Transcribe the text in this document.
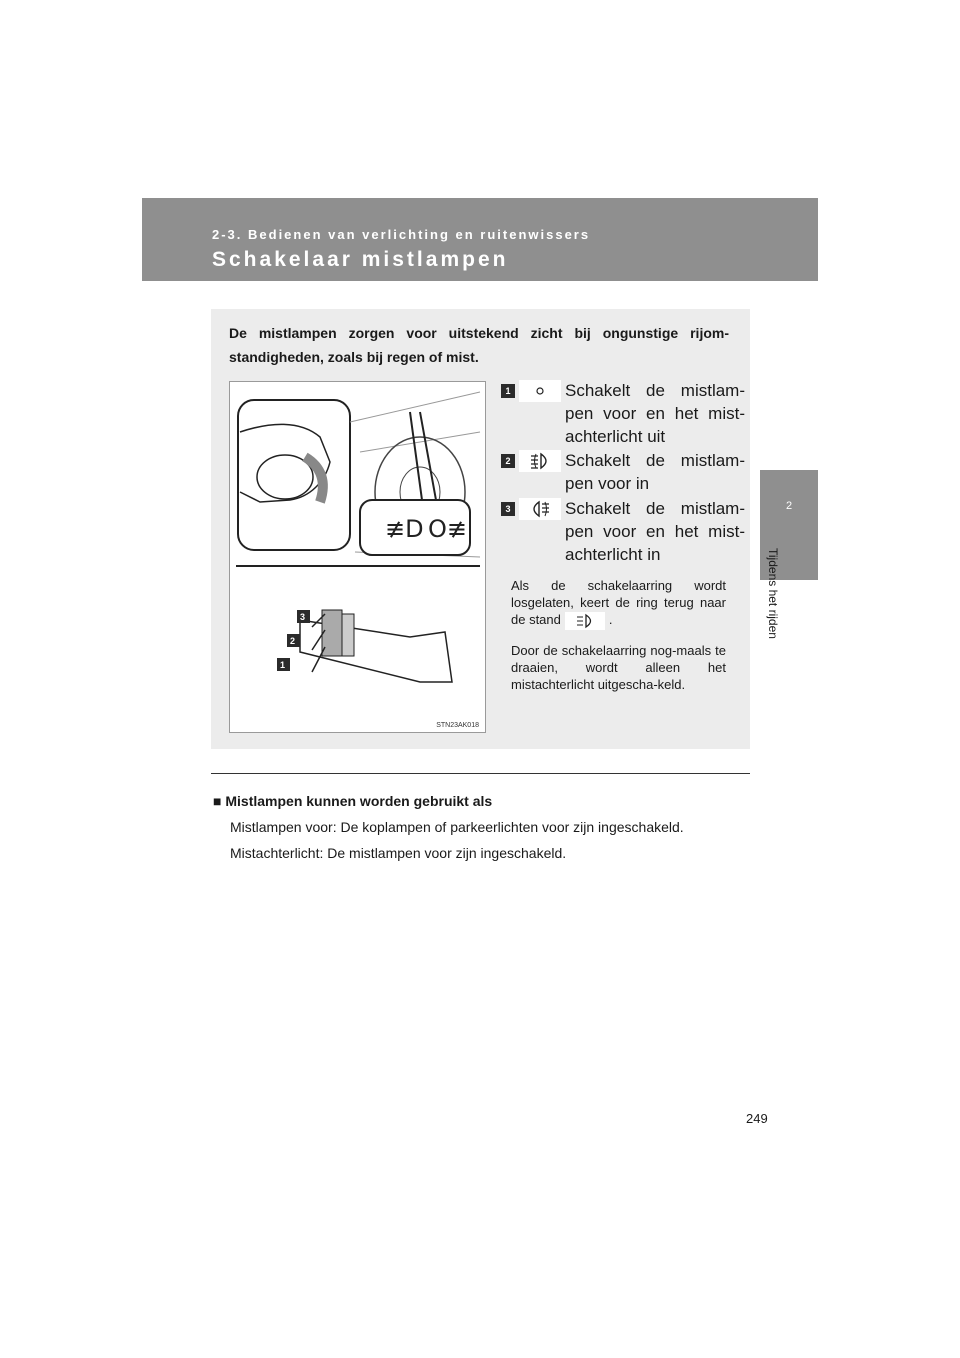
2-3. Bedienen van verlichting en ruitenwissers
Schakelaar mistlampen
2
Tijdens het rijden
De mistlampen zorgen voor uitstekend zicht bij ongunstige rijom-standigheden, zoals bij regen of mist.
≢D O≢
3
2
1
STN23AK018
1	Schakelt de mistlam-pen voor en het mist-achterlicht uit
2	Schakelt de mistlam-pen voor in
3	Schakelt de mistlam-pen voor en het mist-achterlicht in
Als de schakelaarring wordt losgelaten, keert de ring terug naar de stand	.
Door de schakelaarring nog-maals te draaien, wordt alleen het mistachterlicht uitgescha-keld.
■ Mistlampen kunnen worden gebruikt als
Mistlampen voor: De koplampen of parkeerlichten voor zijn ingeschakeld.
Mistachterlicht: De mistlampen voor zijn ingeschakeld.
249
